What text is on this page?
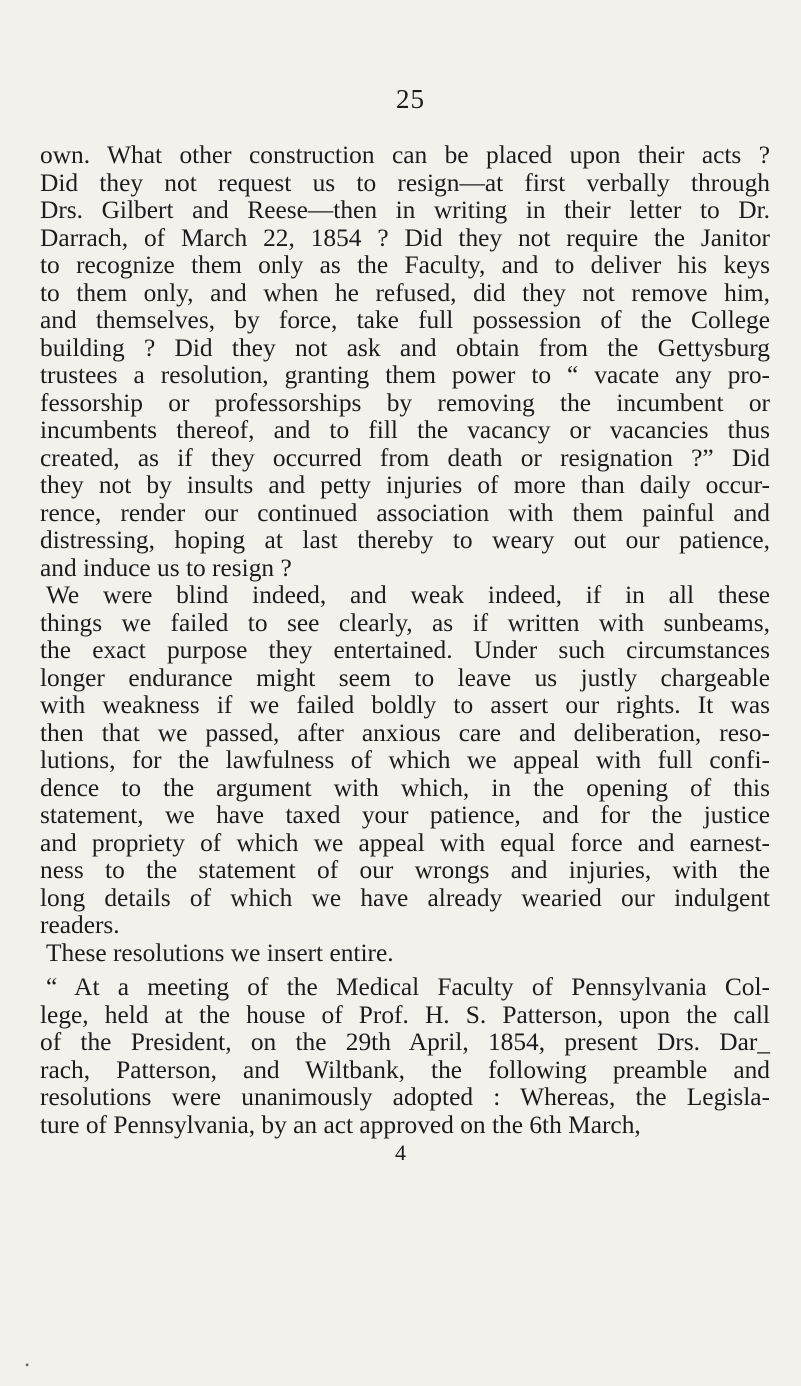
25
own. What other construction can be placed upon their acts ?
Did they not request us to resign—at first verbally through
Drs. Gilbert and Reese—then in writing in their letter to Dr.
Darrach, of March 22, 1854 ? Did they not require the Janitor
to recognize them only as the Faculty, and to deliver his keys
to them only, and when he refused, did they not remove him,
and themselves, by force, take full possession of the College
building ? Did they not ask and obtain from the Gettysburg
trustees a resolution, granting them power to “ vacate any pro-
fessorship or professorships by removing the incumbent or
incumbents thereof, and to fill the vacancy or vacancies thus
created, as if they occurred from death or resignation ?” Did
they not by insults and petty injuries of more than daily occur-
rence, render our continued association with them painful and
distressing, hoping at last thereby to weary out our patience,
and induce us to resign ?
We were blind indeed, and weak indeed, if in all these
things we failed to see clearly, as if written with sunbeams,
the exact purpose they entertained. Under such circumstances
longer endurance might seem to leave us justly chargeable
with weakness if we failed boldly to assert our rights. It was
then that we passed, after anxious care and deliberation, reso-
lutions, for the lawfulness of which we appeal with full confi-
dence to the argument with which, in the opening of this
statement, we have taxed your patience, and for the justice
and propriety of which we appeal with equal force and earnest-
ness to the statement of our wrongs and injuries, with the
long details of which we have already wearied our indulgent
readers.
These resolutions we insert entire.
“ At a meeting of the Medical Faculty of Pennsylvania Col-
lege, held at the house of Prof. H. S. Patterson, upon the call
of the President, on the 29th April, 1854, present Drs. Dar_
rach, Patterson, and Wiltbank, the following preamble and
resolutions were unanimously adopted : Whereas, the Legisla-
ture of Pennsylvania, by an act approved on the 6th March,
4
•
